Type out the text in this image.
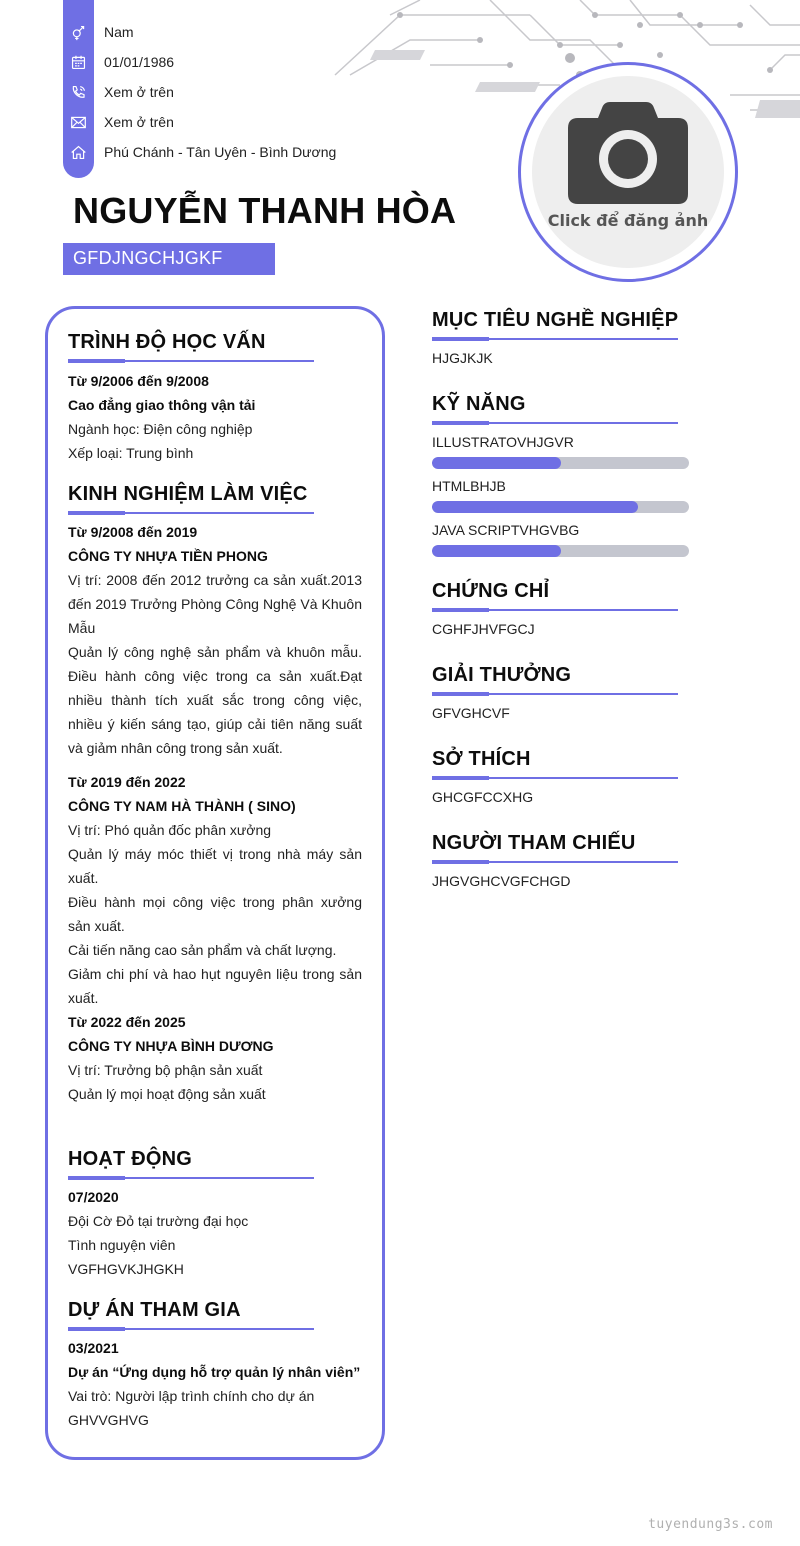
Nam
01/01/1986
Xem ở trên
Xem ở trên
Phú Chánh - Tân Uyên - Bình Dương
NGUYỄN THANH HÒA
GFDJNGCHJGKF
Click để đăng ảnh
TRÌNH ĐỘ HỌC VẤN
Từ 9/2006 đến 9/2008
Cao đẳng giao thông vận tải
Ngành học: Điện công nghiệp
Xếp loại: Trung bình
KINH NGHIỆM LÀM VIỆC
Từ 9/2008 đến 2019
CÔNG TY NHỰA TIỀN PHONG
Vị trí: 2008 đến 2012 trưởng ca sản xuất.2013 đến 2019 Trưởng Phòng Công Nghệ Và Khuôn Mẫu
Quản lý công nghệ sản phẩm và khuôn mẫu. Điều hành công việc trong ca sản xuất.Đạt nhiều thành tích xuất sắc trong công việc, nhiều ý kiến sáng tạo, giúp cải tiên năng suất và giảm nhân công trong sản xuất.
Từ 2019 đến 2022
CÔNG TY NAM HÀ THÀNH ( SINO)
Vị trí: Phó quản đốc phân xưởng
Quản lý máy móc thiết vị trong nhà máy sản xuất.
Điều hành mọi công việc trong phân xưởng sản xuất.
Cải tiến năng cao sản phẩm và chất lượng.
Giảm chi phí và hao hụt nguyên liệu trong sản xuất.
Từ 2022 đến 2025
CÔNG TY NHỰA BÌNH DƯƠNG
Vị trí: Trưởng bộ phận sản xuất
Quản lý mọi hoạt động sản xuất
HOẠT ĐỘNG
07/2020
Đội Cờ Đỏ tại trường đại học
Tình nguyện viên
VGFHGVKJHGKH
DỰ ÁN THAM GIA
03/2021
Dự án “Ứng dụng hỗ trợ quản lý nhân viên”
Vai trò: Người lập trình chính cho dự án
GHVVGHVG
MỤC TIÊU NGHỀ NGHIỆP
HJGJKJK
KỸ NĂNG
ILLUSTRATOVHJGVR
HTMLBHJB
JAVA SCRIPTVHGVBG
CHỨNG CHỈ
CGHFJHVFGCJ
GIẢI THƯỞNG
GFVGHCVF
SỞ THÍCH
GHCGFCCXHG
NGƯỜI THAM CHIẾU
JHGVGHCVGFCHGD
tuyendung3s.com
